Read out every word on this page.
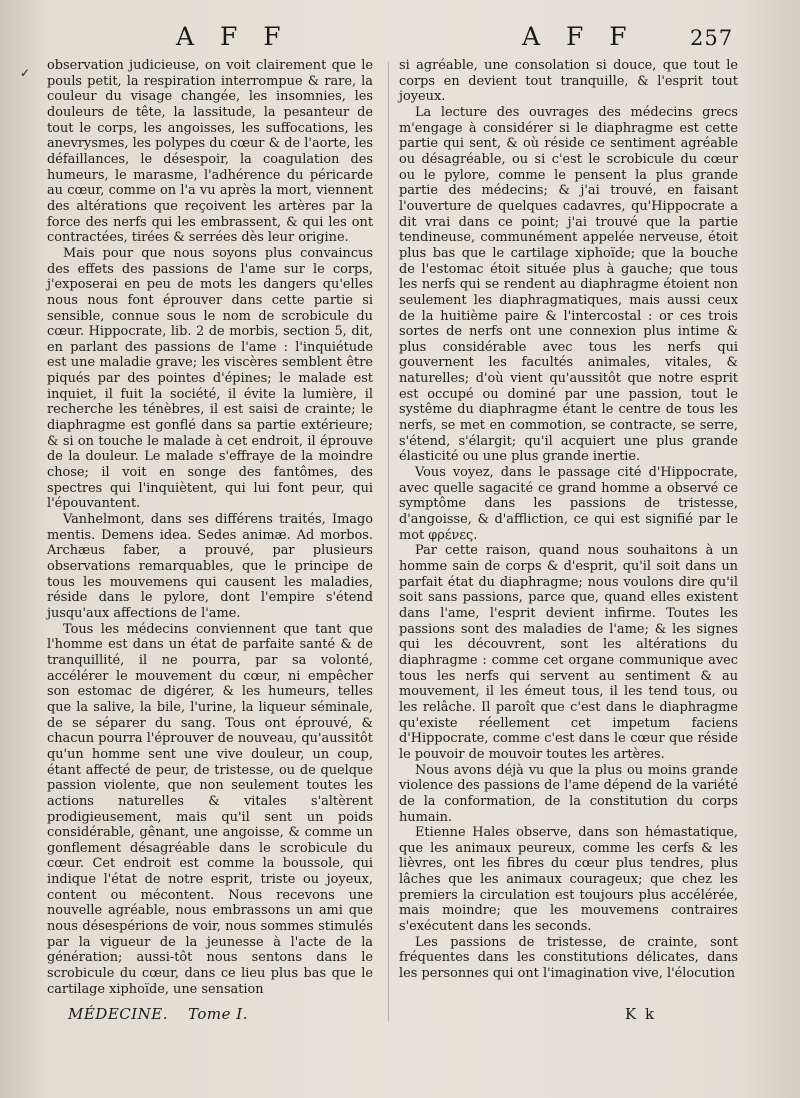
A F F	A F F	257
✓ observation judicieuse, on voit clairement que le pouls petit, la respiration interrompue & rare, la couleur du visage changée, les insomnies, les douleurs de tête, la lassitude, la pesanteur de tout le corps, les angoisses, les suffocations, les anevrysmes, les polypes du cœur & de l'aorte, les défaillances, le désespoir, la coagulation des humeurs, le marasme, l'adhérence du péricarde au cœur, comme on l'a vu après la mort, viennent des altérations que reçoivent les artères par la force des nerfs qui les embrassent, & qui les ont contractées, tirées & serrées dès leur origine.

Mais pour que nous soyons plus convaincus des effets des passions de l'ame sur le corps, j'exposerai en peu de mots les dangers qu'elles nous nous font éprouver dans cette partie si sensible, connue sous le nom de scrobicule du cœur. Hippocrate, lib. 2 de morbis, section 5, dit, en parlant des passions de l'ame : l'inquiétude est une maladie grave; les viscères semblent être piqués par des pointes d'épines; le malade est inquiet, il fuit la société, il évite la lumière, il recherche les ténèbres, il est saisi de crainte; le diaphragme est gonflé dans sa partie extérieure; & si on touche le malade à cet endroit, il éprouve de la douleur. Le malade s'effraye de la moindre chose; il voit en songe des fantômes, des spectres qui l'inquiètent, qui lui font peur, qui l'épouvantent.

Vanhelmont, dans ses différens traités, Imago mentis. Demens idea. Sedes animæ. Ad morbos. Archæus faber, a prouvé, par plusieurs observations remarquables, que le principe de tous les mouvemens qui causent les maladies, réside dans le pylore, dont l'empire s'étend jusqu'aux affections de l'ame.

Tous les médecins conviennent que tant que l'homme est dans un état de parfaite santé & de tranquillité, il ne pourra, par sa volonté, accélérer le mouvement du cœur, ni empêcher son estomac de digérer, & les humeurs, telles que la salive, la bile, l'urine, la liqueur séminale, de se séparer du sang. Tous ont éprouvé, & chacun pourra l'éprouver de nouveau, qu'aussitôt qu'un homme sent une vive douleur, un coup, étant affecté de peur, de tristesse, ou de quelque passion violente, que non seulement toutes les actions naturelles & vitales s'altèrent prodigieusement, mais qu'il sent un poids considérable, gênant, une angoisse, & comme un gonflement désagréable dans le scrobicule du cœur. Cet endroit est comme la boussole, qui indique l'état de notre esprit, triste ou joyeux, content ou mécontent. Nous recevons une nouvelle agréable, nous embrassons un ami que nous désespérions de voir, nous sommes stimulés par la vigueur de la jeunesse à l'acte de la génération; aussi-tôt nous sentons dans le scrobicule du cœur, dans ce lieu plus bas que le cartilage xiphoïde, une sensation

si agréable, une consolation si douce, que tout le corps en devient tout tranquille, & l'esprit tout joyeux.

La lecture des ouvrages des médecins grecs m'engage à considérer si le diaphragme est cette partie qui sent, & où réside ce sentiment agréable ou désagréable, ou si c'est le scrobicule du cœur ou le pylore, comme le pensent la plus grande partie des médecins; & j'ai trouvé, en faisant l'ouverture de quelques cadavres, qu'Hippocrate a dit vrai dans ce point; j'ai trouvé que la partie tendineuse, communément appelée nerveuse, étoit plus bas que le cartilage xiphoïde; que la bouche de l'estomac étoit située plus à gauche; que tous les nerfs qui se rendent au diaphragme étoient non seulement les diaphragmatiques, mais aussi ceux de la huitième paire & l'intercostal : or ces trois sortes de nerfs ont une connexion plus intime & plus considérable avec tous les nerfs qui gouvernent les facultés animales, vitales, & naturelles; d'où vient qu'aussitôt que notre esprit est occupé ou dominé par une passion, tout le systême du diaphragme étant le centre de tous les nerfs, se met en commotion, se contracte, se serre, s'étend, s'élargit; qu'il acquiert une plus grande élasticité ou une plus grande inertie.

Vous voyez, dans le passage cité d'Hippocrate, avec quelle sagacité ce grand homme a observé ce symptôme dans les passions de tristesse, d'angoisse, & d'affliction, ce qui est signifié par le mot φρένες.

Par cette raison, quand nous souhaitons à un homme sain de corps & d'esprit, qu'il soit dans un parfait état du diaphragme; nous voulons dire qu'il soit sans passions, parce que, quand elles existent dans l'ame, l'esprit devient infirme. Toutes les passions sont des maladies de l'ame; & les signes qui les découvrent, sont les altérations du diaphragme : comme cet organe communique avec tous les nerfs qui servent au sentiment & au mouvement, il les émeut tous, il les tend tous, ou les relâche. Il paroît que c'est dans le diaphragme qu'existe réellement cet impetum faciens d'Hippocrate, comme c'est dans le cœur que réside le pouvoir de mouvoir toutes les artères.

Nous avons déjà vu que la plus ou moins grande violence des passions de l'ame dépend de la variété de la conformation, de la constitution du corps humain.

Etienne Hales observe, dans son hémastatique, que les animaux peureux, comme les cerfs & les lièvres, ont les fibres du cœur plus tendres, plus lâches que les animaux courageux; que chez les premiers la circulation est toujours plus accélérée, mais moindre; que les mouvemens contraires s'exécutent dans les seconds.

Les passions de tristesse, de crainte, sont fréquentes dans les constitutions délicates, dans les personnes qui ont l'imagination vive, l'élocution

MÉDECINE. Tome I.	K k
